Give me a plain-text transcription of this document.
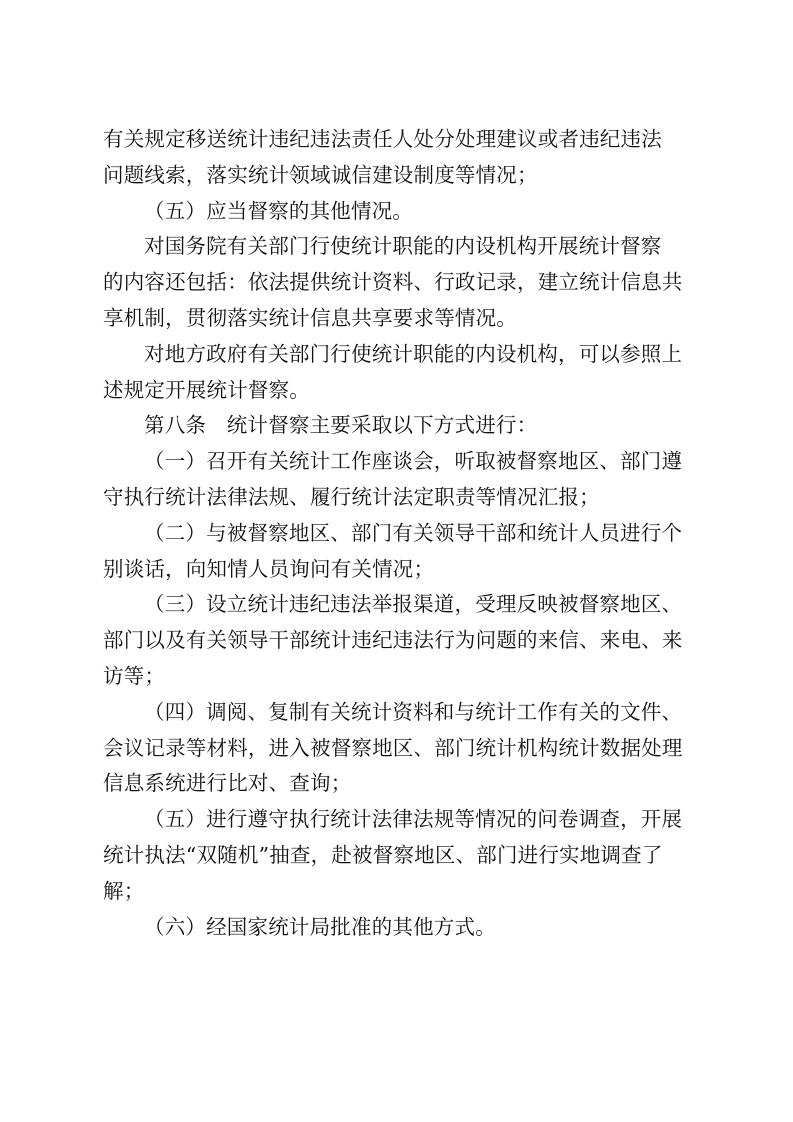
有关规定移送统计违纪违法责任人处分处理建议或者违纪违法
问题线索，落实统计领域诚信建设制度等情况；
（五）应当督察的其他情况。
对国务院有关部门行使统计职能的内设机构开展统计督察
的内容还包括：依法提供统计资料、行政记录，建立统计信息共
享机制，贯彻落实统计信息共享要求等情况。
对地方政府有关部门行使统计职能的内设机构，可以参照上
述规定开展统计督察。
第八条　统计督察主要采取以下方式进行：
（一）召开有关统计工作座谈会，听取被督察地区、部门遵
守执行统计法律法规、履行统计法定职责等情况汇报；
（二）与被督察地区、部门有关领导干部和统计人员进行个
别谈话，向知情人员询问有关情况；
（三）设立统计违纪违法举报渠道，受理反映被督察地区、
部门以及有关领导干部统计违纪违法行为问题的来信、来电、来
访等；
（四）调阅、复制有关统计资料和与统计工作有关的文件、
会议记录等材料，进入被督察地区、部门统计机构统计数据处理
信息系统进行比对、查询；
（五）进行遵守执行统计法律法规等情况的问卷调查，开展
统计执法“双随机”抽查，赴被督察地区、部门进行实地调查了
解；
（六）经国家统计局批准的其他方式。
